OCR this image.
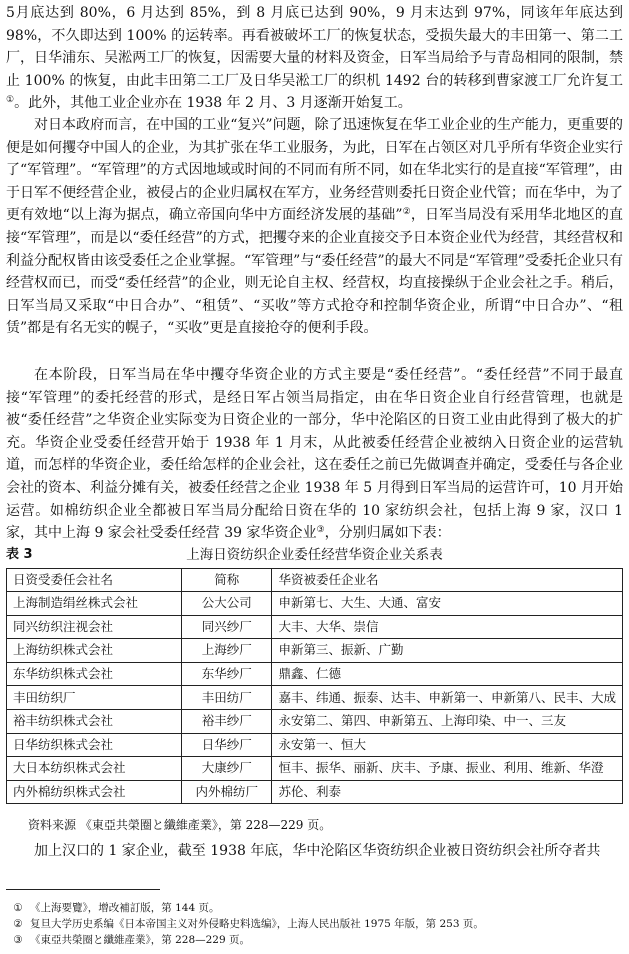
5月底达到 80%，6 月达到 85%，到 8 月底已达到 90%，9 月末达到 97%，同该年年底达到 98%，不久即达到 100% 的运转率。再看被破坏工厂的恢复状态，受损失最大的丰田第一、第二工厂，日华浦东、吴淞两工厂的恢复，因需要大量的材料及资金，日军当局给予与青岛相同的限制，禁止 100% 的恢复，由此丰田第二工厂及日华吴淞工厂的织机 1492 台的转移到曹家渡工厂允许复工①。此外，其他工业企业亦在 1938 年 2 月、3 月逐渐开始复工。

对日本政府而言，在中国的工业“复兴”问题，除了迅速恢复在华工业企业的生产能力，更重要的便是如何攫夺中国人的企业，为其扩张在华工业服务，为此，日军在占领区对几乎所有华资企业实行了“军管理”。“军管理”的方式因地域或时间的不同而有所不同，如在华北实行的是直接“军管理”，由于日军不便经营企业，被侵占的企业归属权在军方，业务经营则委托日资企业代管；而在华中，为了更有效地“以上海为据点，确立帝国向华中方面经济发展的基础”②，日军当局没有采用华北地区的直接“军管理”，而是以“委任经营”的方式，把攫夺来的企业直接交予日本资企业代为经营，其经营权和利益分配权皆由该受委任之企业掌握。“军管理”与“委任经营”的最大不同是“军管理”受委托企业只有经营权而已，而受“委任经营”的企业，则无论自主权、经营权，均直接操纵于企业会社之手。稍后，日军当局又采取“中日合办”、“租赁”、“买收”等方式抢夺和控制华资企业，所谓“中日合办”、“租赁”都是有名无实的幌子，“买收”更是直接抢夺的便利手段。

在本阶段，日军当局在华中攫夺华资企业的方式主要是“委任经营”。“委任经营”不同于最直接“军管理”的委托经营的形式，是经日军占领当局指定，由在华日资企业自行经营管理，也就是被“委任经营”之华资企业实际变为日资企业的一部分，华中沦陷区的日资工业由此得到了极大的扩充。华资企业受委任经营开始于 1938 年 1 月末，从此被委任经营企业被纳入日资企业的运营轨道，而怎样的华资企业，委任给怎样的企业会社，这在委任之前已先做调查并确定，受委任与各企业会社的资本、利益分摊有关，被委任经营之企业 1938 年 5 月得到日军当局的运营许可，10 月开始运营。如棉纺织企业全都被日军当局分配给日资在华的 10 家纺织会社，包括上海 9 家，汉口 1 家，其中上海 9 家会社受委任经营 39 家华资企业③，分别归属如下表：

表 3	上海日资纺织企业委任经营华资企业关系表
日资受委任会社名	简称	华资被委任企业名
上海制造绢丝株式会社	公大公司	申新第七、大生、大通、富安
同兴纺织注视会社	同兴纱厂	大丰、大华、崇信
上海纺织株式会社	上海纱厂	申新第三、振新、广勤
东华纺织株式会社	东华纱厂	鼎鑫、仁德
丰田纺织厂	丰田纺厂	嘉丰、纬通、振泰、达丰、申新第一、申新第八、民丰、大成
裕丰纺织株式会社	裕丰纱厂	永安第二、第四、申新第五、上海印染、中一、三友
日华纺织株式会社	日华纱厂	永安第一、恒大
大日本纺织株式会社	大康纱厂	恒丰、振华、丽新、庆丰、予康、振业、利用、维新、华澄
内外棉纺织株式会社	内外棉纺厂	苏伦、利泰
资料来源 《東亞共榮圈と纖維產業》，第 228—229 页。

加上汉口的 1 家企业，截至 1938 年底，华中沦陷区华资纺织企业被日资纺织会社所夺者共

① 《上海要覽》，增改補訂版，第 144 页。
② 复旦大学历史系编《日本帝国主义对外侵略史料选编》，上海人民出版社 1975 年版，第 253 页。
③ 《東亞共榮圈と纖維產業》，第 228—229 页。
